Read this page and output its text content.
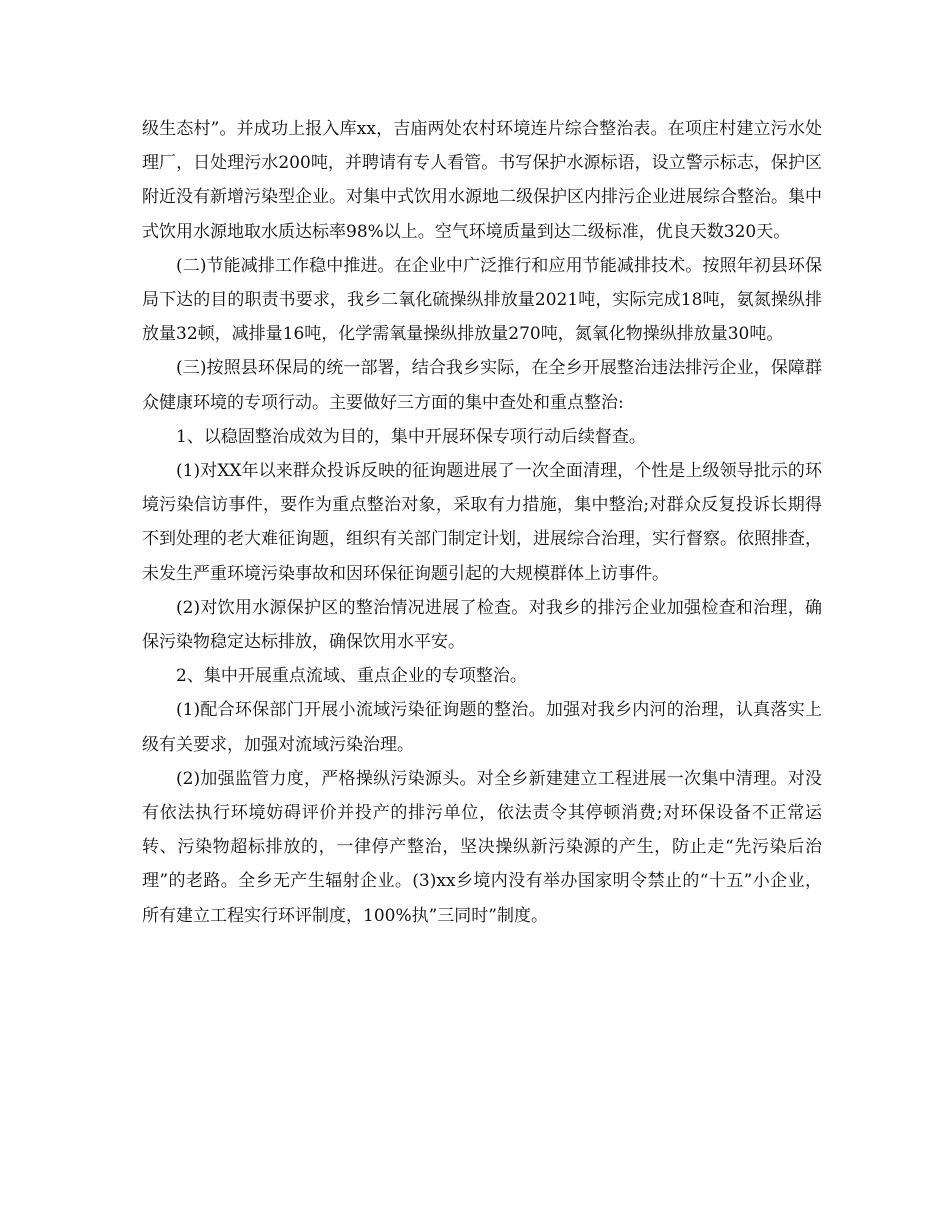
级生态村”。并成功上报入库xx，吉庙两处农村环境连片综合整治表。在项庄村建立污水处理厂，日处理污水200吨，并聘请有专人看管。书写保护水源标语，设立警示标志，保护区附近没有新增污染型企业。对集中式饮用水源地二级保护区内排污企业进展综合整治。集中式饮用水源地取水质达标率98%以上。空气环境质量到达二级标准，优良天数320天。

(二)节能减排工作稳中推进。在企业中广泛推行和应用节能减排技术。按照年初县环保局下达的目的职责书要求，我乡二氧化硫操纵排放量2021吨，实际完成18吨，氨氮操纵排放量32顿，减排量16吨，化学需氧量操纵排放量270吨，氮氧化物操纵排放量30吨。

(三)按照县环保局的统一部署，结合我乡实际，在全乡开展整治违法排污企业，保障群众健康环境的专项行动。主要做好三方面的集中查处和重点整治:

1、以稳固整治成效为目的，集中开展环保专项行动后续督查。

(1)对XX年以来群众投诉反映的征询题进展了一次全面清理，个性是上级领导批示的环境污染信访事件，要作为重点整治对象，采取有力措施，集中整治;对群众反复投诉长期得不到处理的老大难征询题，组织有关部门制定计划，进展综合治理，实行督察。依照排查，未发生严重环境污染事故和因环保征询题引起的大规模群体上访事件。

(2)对饮用水源保护区的整治情况进展了检查。对我乡的排污企业加强检查和治理，确保污染物稳定达标排放，确保饮用水平安。

2、集中开展重点流域、重点企业的专项整治。

(1)配合环保部门开展小流域污染征询题的整治。加强对我乡内河的治理，认真落实上级有关要求，加强对流域污染治理。

(2)加强监管力度，严格操纵污染源头。对全乡新建建立工程进展一次集中清理。对没有依法执行环境妨碍评价并投产的排污单位，依法责令其停顿消费;对环保设备不正常运转、污染物超标排放的，一律停产整治，坚决操纵新污染源的产生，防止走“先污染后治理”的老路。全乡无产生辐射企业。(3)xx乡境内没有举办国家明令禁止的“十五”小企业，所有建立工程实行环评制度，100%执”三同时”制度。
